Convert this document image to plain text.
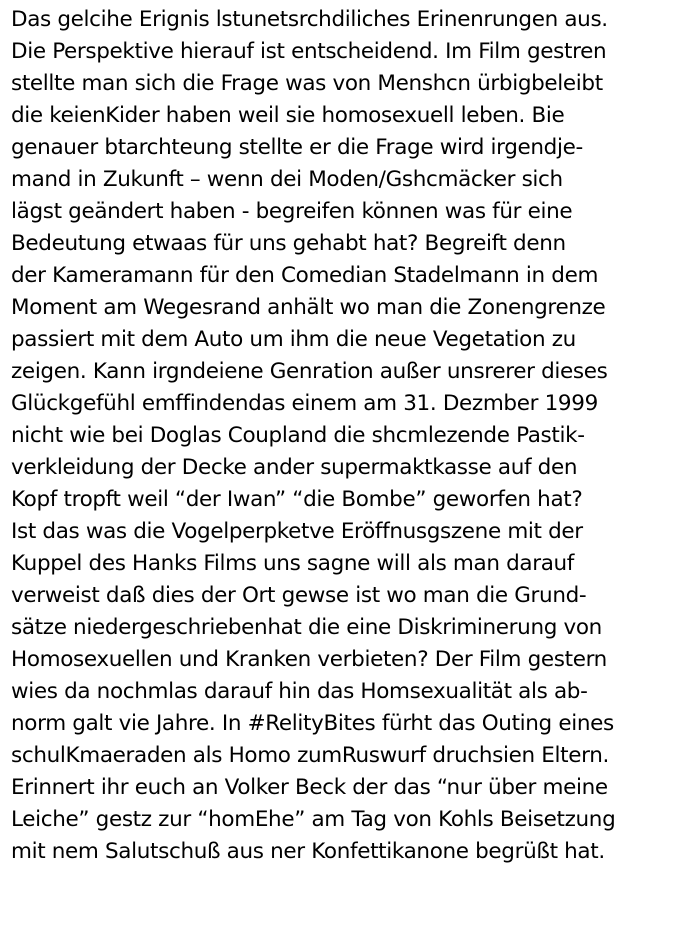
Das gelcihe Erignis lstunetsrchdiliches Erinenrungen aus.
Die Perspektive hierauf ist entscheidend. Im Film gestren
stellte man sich die Frage was von Menshcn ürbigbeleibt
die keienKider haben weil sie homosexuell leben. Bie
genauer btarchteung stellte er die Frage wird irgendje-
mand in Zukunft – wenn dei Moden/Gshcmäcker sich
lägst geändert haben - begreifen können was für eine
Bedeutung etwaas für uns gehabt hat? Begreift denn
der Kameramann für den Comedian Stadelmann in dem
Moment am Wegesrand anhält wo man die Zonengrenze
passiert mit dem Auto um ihm die neue Vegetation zu
zeigen. Kann irgndeiene Genration außer unsrerer dieses
Glückgefühl emffindendas einem am 31. Dezmber 1999
nicht wie bei Doglas Coupland die shcmlezende Pastik-
verkleidung der Decke ander supermaktkasse auf den
Kopf tropft weil “der Iwan” “die Bombe” geworfen hat?
Ist das was die Vogelperpketve Eröffnusgszene mit der
Kuppel des Hanks Films uns sagne will als man darauf
verweist daß dies der Ort gewse ist wo man die Grund-
sätze niedergeschriebenhat die eine Diskriminerung von
Homosexuellen und Kranken verbieten? Der Film gestern
wies da nochmlas darauf hin das Homsexualität als ab-
norm galt vie Jahre. In #RelityBites fürht das Outing eines
schulKmaeraden als Homo zumRuswurf druchsien Eltern.
Erinnert ihr euch an Volker Beck der das “nur über meine
Leiche” gestz zur “homEhe” am Tag von Kohls Beisetzung
mit nem Salutschuß aus ner Konfettikanone begrüßt hat.
